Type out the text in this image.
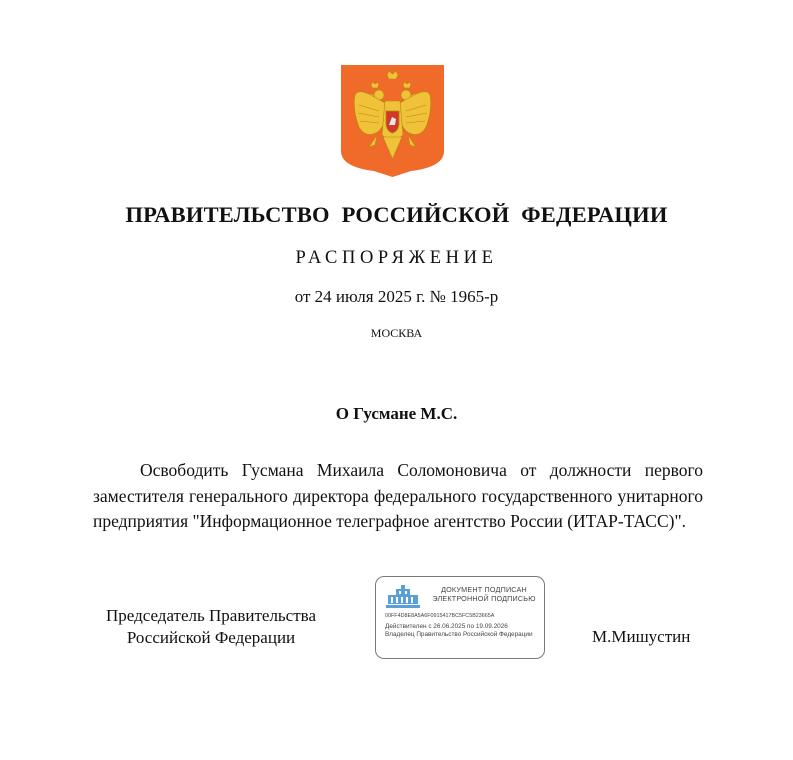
ПРАВИТЕЛЬСТВО РОССИЙСКОЙ ФЕДЕРАЦИИ
РАСПОРЯЖЕНИЕ
от 24 июля 2025 г. № 1965-р
МОСКВА
О Гусмане М.С.
Освободить Гусмана Михаила Соломоновича от должности первого заместителя генерального директора федерального государственного унитарного предприятия "Информационное телеграфное агентство России (ИТАР-ТАСС)".
Председатель Правительства
Российской Федерации
ДОКУМЕНТ ПОДПИСАН
ЭЛЕКТРОННОЙ ПОДПИСЬЮ
00FF4D8E8A5A6F0915417BC5FC5B23665A
Действителен с 26.06.2025 по 19.09.2026
Владелец Правительство Российской Федерации	М.Мишустин
